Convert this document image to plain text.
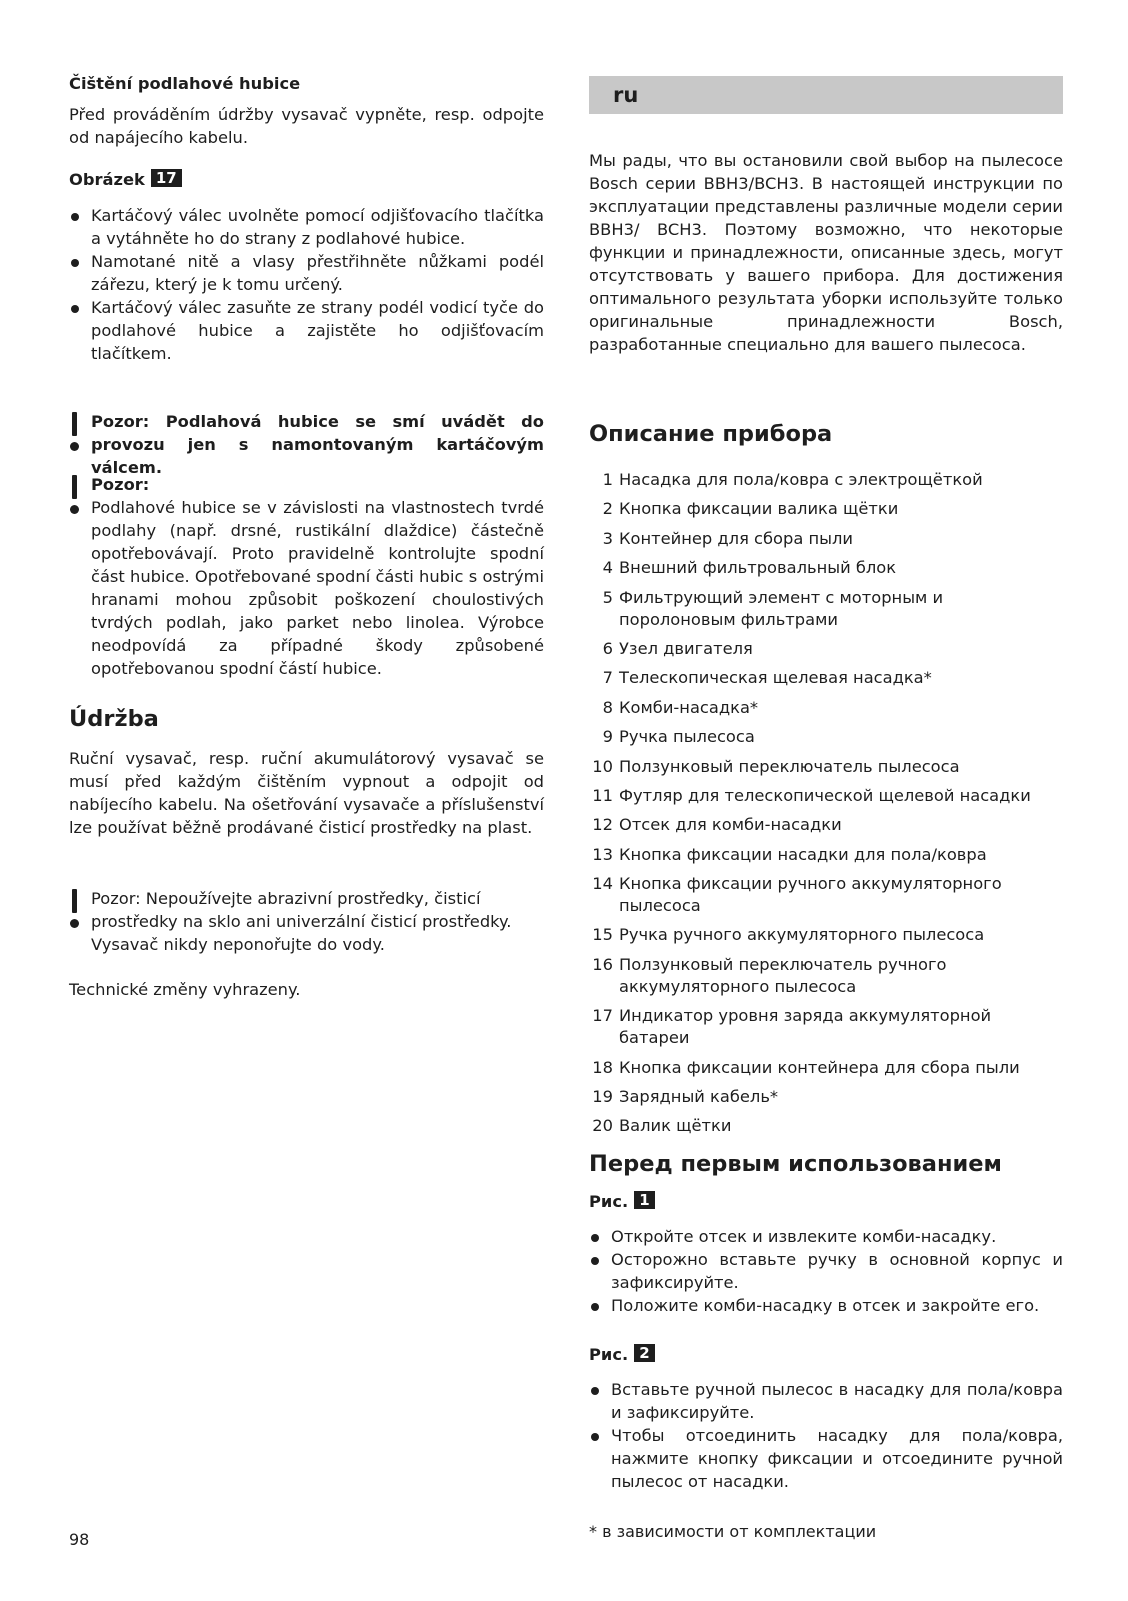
Čištění podlahové hubice

Před prováděním údržby vysavač vypněte, resp. odpojte od napájecího kabelu.

Obrázek 17

Kartáčový válec uvolněte pomocí odjišťovacího tlačítka a vytáhněte ho do strany z podlahové hubice.
Namotané nitě a vlasy přestřihněte nůžkami podél zářezu, který je k tomu určený.
Kartáčový válec zasuňte ze strany podél vodicí tyče do podlahové hubice a zajistěte ho odjišťovacím tlačítkem.

Pozor: Podlahová hubice se smí uvádět do provozu jen s namontovaným kartáčovým válcem.

Pozor:

Podlahové hubice se v závislosti na vlastnostech tvrdé podlahy (např. drsné, rustikální dlaždice) částečně opotřebovávají. Proto pravidelně kontrolujte spodní část hubice. Opotřebované spodní části hubic s ostrými hranami mohou způsobit poškození choulostivých tvrdých podlah, jako parket nebo linolea. Výrobce neodpovídá za případné škody způsobené opotřebovanou spodní částí hubice.

Údržba

Ruční vysavač, resp. ruční akumulátorový vysavač se musí před každým čištěním vypnout a odpojit od nabíjecího kabelu. Na ošetřování vysavače a příslušenství lze používat běžně prodávané čisticí prostředky na plast.

Pozor: Nepoužívejte abrazivní prostředky, čisticí prostředky na sklo ani univerzální čisticí prostředky. Vysavač nikdy neponořujte do vody.

Technické změny vyhrazeny.

98
ru

Мы рады, что вы остановили свой выбор на пылесосе Bosch серии BBH3/BCH3. В настоящей инструкции по эксплуатации представлены различные модели серии BBH3/ BCH3. Поэтому возможно, что некоторые функции и принадлежности, описанные здесь, могут отсутствовать у вашего прибора. Для достижения оптимального результата уборки используйте только оригинальные принадлежности Bosch, разработанные специально для вашего пылесоса.

Описание прибора
1 Насадка для пола/ковра с электрощёткой
2 Кнопка фиксации валика щётки
3 Контейнер для сбора пыли
4 Внешний фильтровальный блок
5 Фильтрующий элемент с моторным и поролоновым фильтрами
6 Узел двигателя
7 Телескопическая щелевая насадка*
8 Комби-насадка*
9 Ручка пылесоса
10 Ползунковый переключатель пылесоса
11 Футляр для телескопической щелевой насадки
12 Отсек для комби-насадки
13 Кнопка фиксации насадки для пола/ковра
14 Кнопка фиксации ручного аккумуляторного пылесоса
15 Ручка ручного аккумуляторного пылесоса
16 Ползунковый переключатель ручного аккумуляторного пылесоса
17 Индикатор уровня заряда аккумуляторной батареи
18 Кнопка фиксации контейнера для сбора пыли
19 Зарядный кабель*
20 Валик щётки
Перед первым использованием

Рис. 1

Откройте отсек и извлеките комби-насадку.
Осторожно вставьте ручку в основной корпус и зафиксируйте.
Положите комби-насадку в отсек и закройте его.

Рис. 2

Вставьте ручной пылесос в насадку для пола/ковра и зафиксируйте.
Чтобы отсоединить насадку для пола/ковра, нажмите кнопку фиксации и отсоедините ручной пылесос от насадки.
* в зависимости от комплектации
